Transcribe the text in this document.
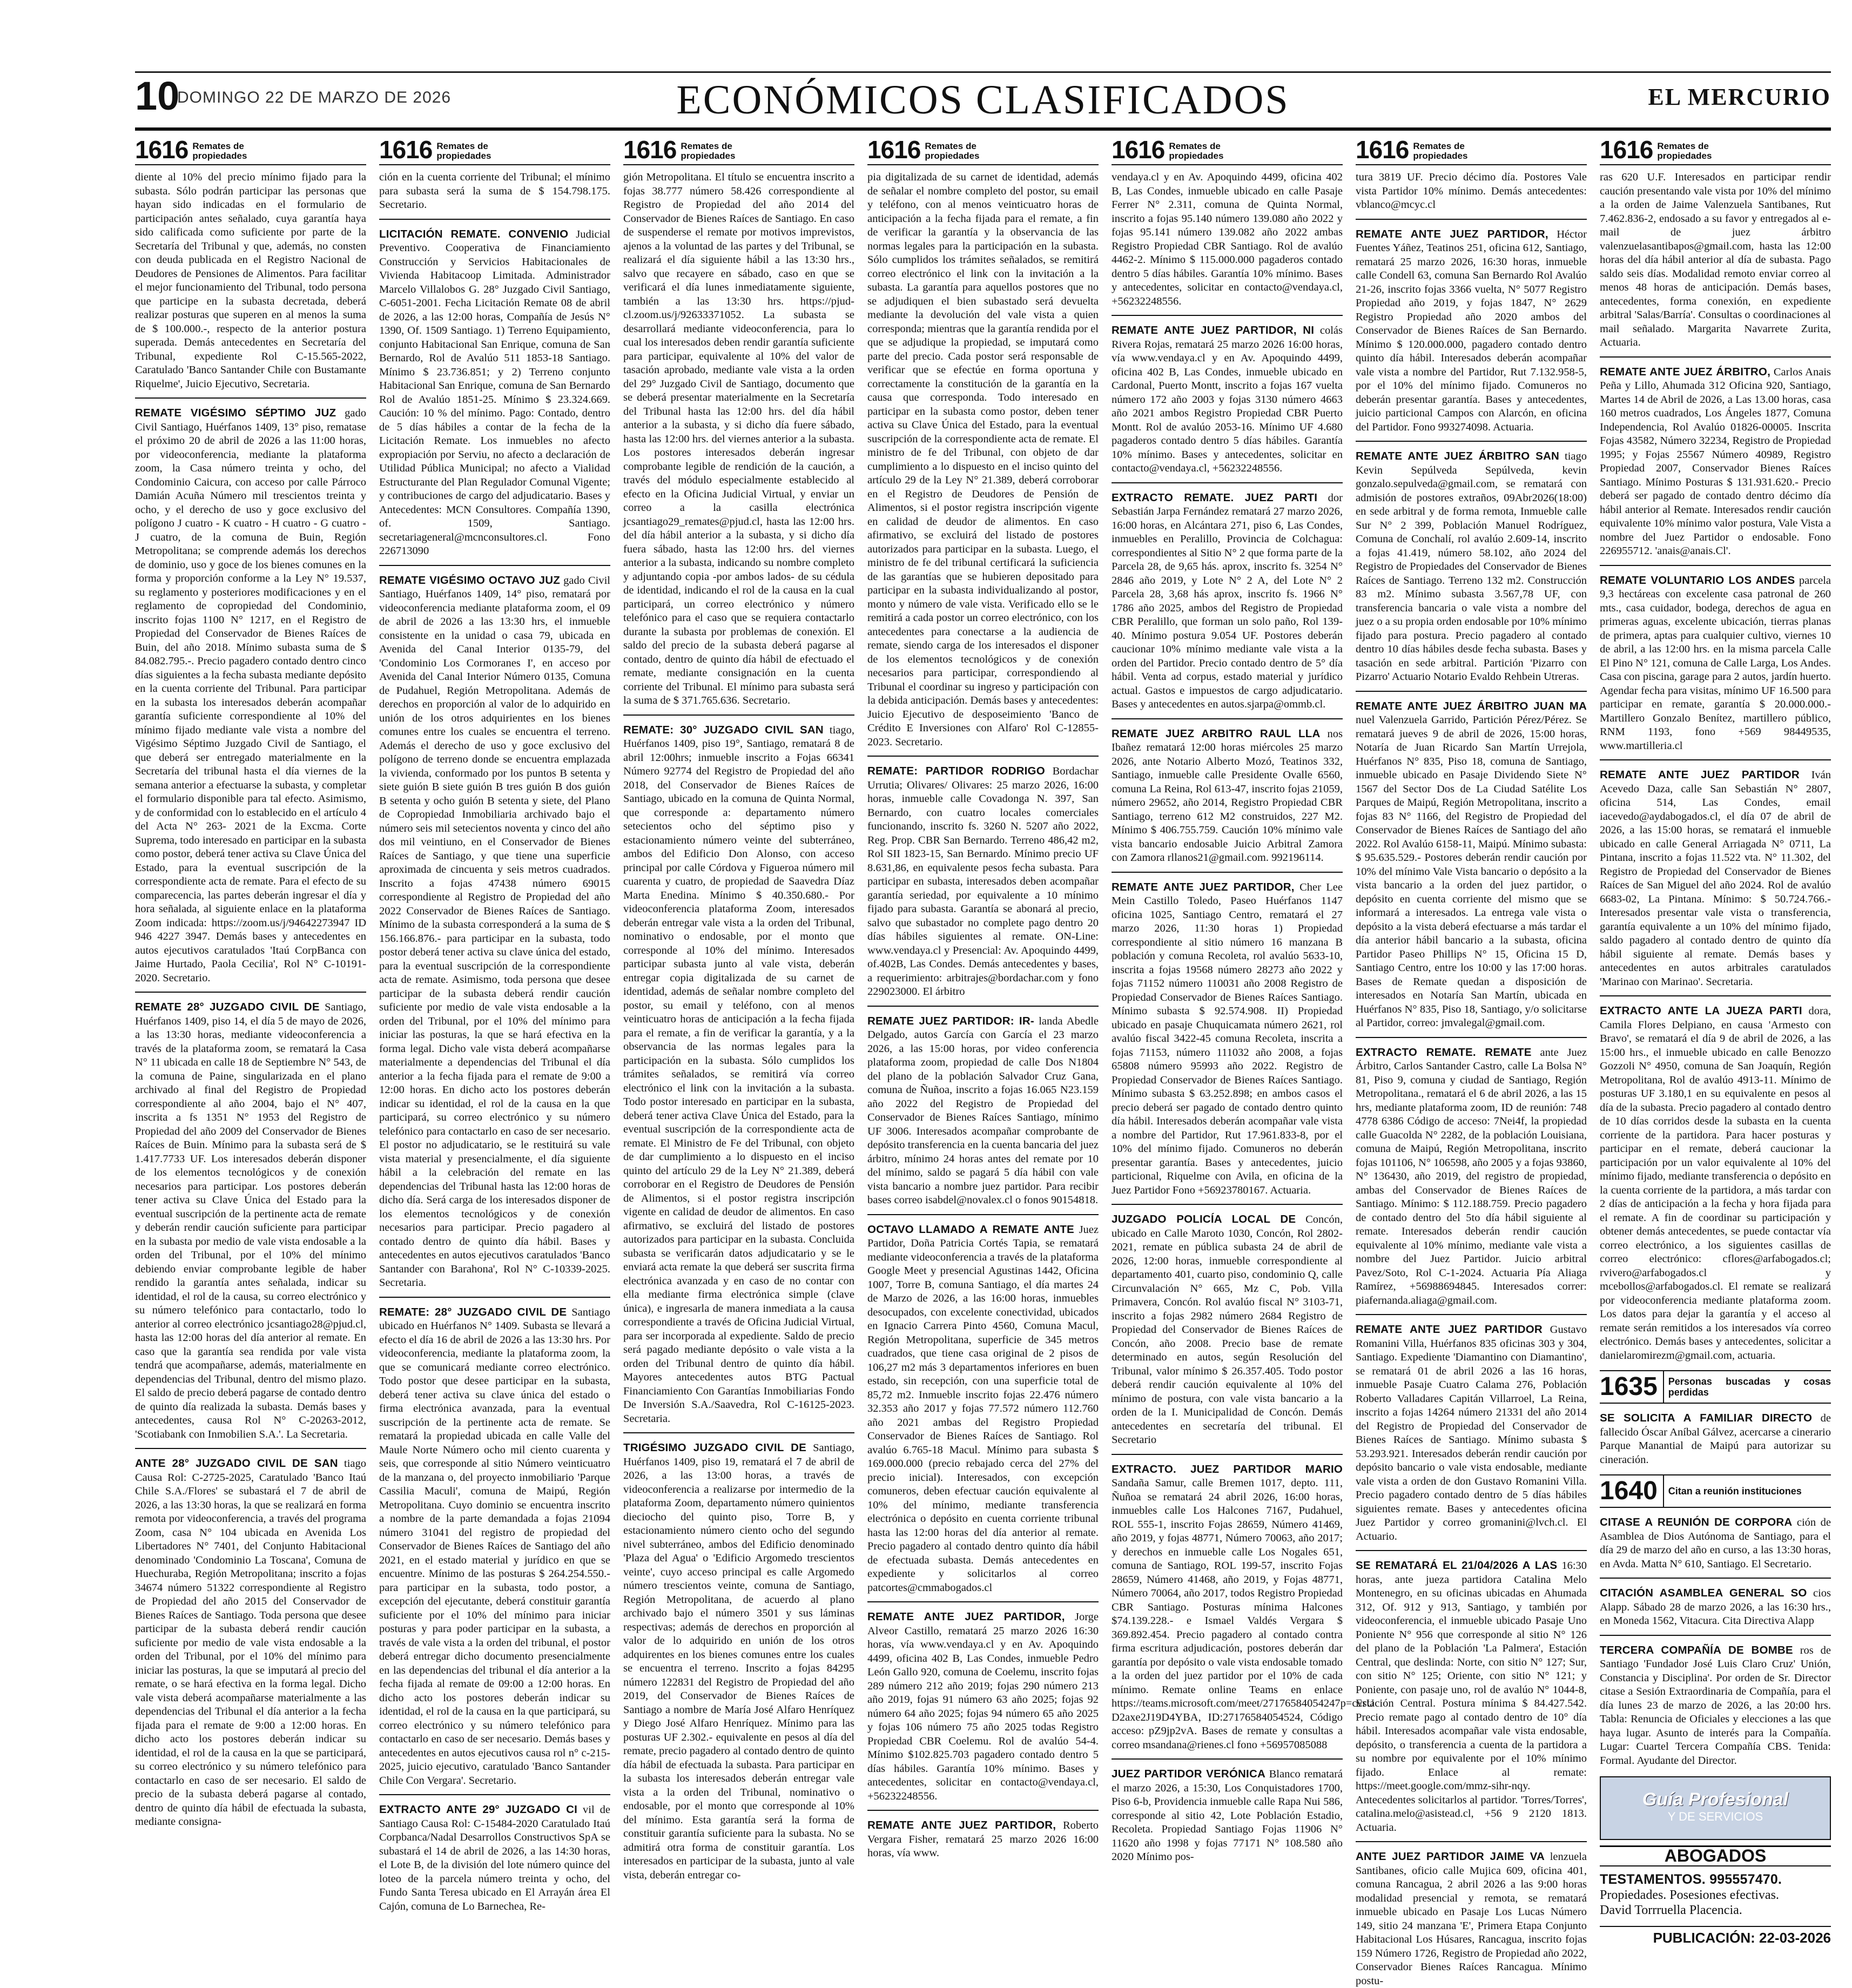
10
DOMINGO 22 DE MARZO DE 2026	ECONÓMICOS CLASIFICADOS	EL MERCURIO
1616 Remates de propiedades

diente al 10% del precio mínimo fijado para la subasta. Sólo podrán participar las personas que hayan sido indicadas en el formulario de participación antes señalado, cuya garantía haya sido calificada como suficiente por parte de la Secretaría del Tribunal y que, además, no consten con deuda publicada en el Registro Nacional de Deudores de Pensiones de Alimentos. Para facilitar el mejor funcionamiento del Tribunal, todo persona que participe en la subasta decretada, deberá realizar posturas que superen en al menos la suma de $ 100.000.-, respecto de la anterior postura superada. Demás antecedentes en Secretaría del Tribunal, expediente Rol C-15.565-2022, Caratulado 'Banco Santander Chile con Bustamante Riquelme', Juicio Ejecutivo, Secretaria.

REMATE VIGÉSIMO SÉPTIMO JUZ gado Civil Santiago, Huérfanos 1409, 13° piso, rematase el próximo 20 de abril de 2026 a las 11:00 horas, por videoconferencia, mediante la plataforma zoom, la Casa número treinta y ocho, del Condominio Caicura, con acceso por calle Párroco Damián Acuña Número mil trescientos treinta y ocho, y el derecho de uso y goce exclusivo del polígono J cuatro - K cuatro - H cuatro - G cuatro - J cuatro, de la comuna de Buin, Región Metropolitana; se comprende además los derechos de dominio, uso y goce de los bienes comunes en la forma y proporción conforme a la Ley N° 19.537, su reglamento y posteriores modificaciones y en el reglamento de copropiedad del Condominio, inscrito fojas 1100 N° 1217, en el Registro de Propiedad del Conservador de Bienes Raíces de Buin, del año 2018. Mínimo subasta suma de $ 84.082.795.-. Precio pagadero contado dentro cinco días siguientes a la fecha subasta mediante depósito en la cuenta corriente del Tribunal. Para participar en la subasta los interesados deberán acompañar garantía suficiente correspondiente al 10% del mínimo fijado mediante vale vista a nombre del Vigésimo Séptimo Juzgado Civil de Santiago, el que deberá ser entregado materialmente en la Secretaría del tribunal hasta el día viernes de la semana anterior a efectuarse la subasta, y completar el formulario disponible para tal efecto. Asimismo, y de conformidad con lo establecido en el artículo 4 del Acta N° 263- 2021 de la Excma. Corte Suprema, todo interesado en participar en la subasta como postor, deberá tener activa su Clave Única del Estado, para la eventual suscripción de la correspondiente acta de remate. Para el efecto de su comparecencia, las partes deberán ingresar el día y hora señalada, al siguiente enlace en la plataforma Zoom indicada: https://zoom.us/j/94642273947 ID 946 4227 3947. Demás bases y antecedentes en autos ejecutivos caratulados 'Itaú CorpBanca con Jaime Hurtado, Paola Cecilia', Rol N° C-10191-2020. Secretario.

REMATE 28° JUZGADO CIVIL DE Santiago, Huérfanos 1409, piso 14, el día 5 de mayo de 2026, a las 13:30 horas, mediante videoconferencia a través de la plataforma zoom, se rematará la Casa N° 11 ubicada en calle 18 de Septiembre N° 543, de la comuna de Paine, singularizada en el plano archivado al final del Registro de Propiedad correspondiente al año 2004, bajo el N° 407, inscrita a fs 1351 N° 1953 del Registro de Propiedad del año 2009 del Conservador de Bienes Raíces de Buin. Mínimo para la subasta será de $ 1.417.7733 UF. Los interesados deberán disponer de los elementos tecnológicos y de conexión necesarios para participar. Los postores deberán tener activa su Clave Única del Estado para la eventual suscripción de la pertinente acta de remate y deberán rendir caución suficiente para participar en la subasta por medio de vale vista endosable a la orden del Tribunal, por el 10% del mínimo debiendo enviar comprobante legible de haber rendido la garantía antes señalada, indicar su identidad, el rol de la causa, su correo electrónico y su número telefónico para contactarlo, todo lo anterior al correo electrónico jcsantiago28@pjud.cl, hasta las 12:00 horas del día anterior al remate. En caso que la garantía sea rendida por vale vista tendrá que acompañarse, además, materialmente en dependencias del Tribunal, dentro del mismo plazo. El saldo de precio deberá pagarse de contado dentro de quinto día realizada la subasta. Demás bases y antecedentes, causa Rol N° C-20263-2012, 'Scotiabank con Inmobilien S.A.'. La Secretaria.

ANTE 28° JUZGADO CIVIL DE SAN tiago Causa Rol: C-2725-2025, Caratulado 'Banco Itaú Chile S.A./Flores' se subastará el 7 de abril de 2026, a las 13:30 horas, la que se realizará en forma remota por videoconferencia, a través del programa Zoom, casa N° 104 ubicada en Avenida Los Libertadores N° 7401, del Conjunto Habitacional denominado 'Condominio La Toscana', Comuna de Huechuraba, Región Metropolitana; inscrito a fojas 34674 número 51322 correspondiente al Registro de Propiedad del año 2015 del Conservador de Bienes Raíces de Santiago. Toda persona que desee participar de la subasta deberá rendir caución suficiente por medio de vale vista endosable a la orden del Tribunal, por el 10% del mínimo para iniciar las posturas, la que se imputará al precio del remate, o se hará efectiva en la forma legal. Dicho vale vista deberá acompañarse materialmente a las dependencias del Tribunal el día anterior a la fecha fijada para el remate de 9:00 a 12:00 horas. En dicho acto los postores deberán indicar su identidad, el rol de la causa en la que se participará, su correo electrónico y su número telefónico para contactarlo en caso de ser necesario. El saldo de precio de la subasta deberá pagarse al contado, dentro de quinto día hábil de efectuada la subasta, mediante consigna-

1616 Remates de propiedades

ción en la cuenta corriente del Tribunal; el mínimo para subasta será la suma de $ 154.798.175. Secretario.

LICITACIÓN REMATE. CONVENIO Judicial Preventivo. Cooperativa de Financiamiento Construcción y Servicios Habitacionales de Vivienda Habitacoop Limitada. Administrador Marcelo Villalobos G. 28° Juzgado Civil Santiago, C-6051-2001. Fecha Licitación Remate 08 de abril de 2026, a las 12:00 horas, Compañía de Jesús N° 1390, Of. 1509 Santiago. 1) Terreno Equipamiento, conjunto Habitacional San Enrique, comuna de San Bernardo, Rol de Avalúo 511 1853-18 Santiago. Mínimo $ 23.736.851; y 2) Terreno conjunto Habitacional San Enrique, comuna de San Bernardo Rol de Avalúo 1851-25. Mínimo $ 23.324.669. Caución: 10 % del mínimo. Pago: Contado, dentro de 5 días hábiles a contar de la fecha de la Licitación Remate. Los inmuebles no afecto expropiación por Serviu, no afecto a declaración de Utilidad Pública Municipal; no afecto a Vialidad Estructurante del Plan Regulador Comunal Vigente; y contribuciones de cargo del adjudicatario. Bases y Antecedentes: MCN Consultores. Compañía 1390, of. 1509, Santiago. secretariageneral@mcnconsultores.cl. Fono 226713090

REMATE VIGÉSIMO OCTAVO JUZ gado Civil Santiago, Huérfanos 1409, 14° piso, rematará por videoconferencia mediante plataforma zoom, el 09 de abril de 2026 a las 13:30 hrs, el inmueble consistente en la unidad o casa 79, ubicada en Avenida del Canal Interior 0135-79, del 'Condominio Los Cormoranes I', en acceso por Avenida del Canal Interior Número 0135, Comuna de Pudahuel, Región Metropolitana. Además de derechos en proporción al valor de lo adquirido en unión de los otros adquirientes en los bienes comunes entre los cuales se encuentra el terreno. Además el derecho de uso y goce exclusivo del polígono de terreno donde se encuentra emplazada la vivienda, conformado por los puntos B setenta y siete guión B siete guión B tres guión B dos guión B setenta y ocho guión B setenta y siete, del Plano de Copropiedad Inmobiliaria archivado bajo el número seis mil setecientos noventa y cinco del año dos mil veintiuno, en el Conservador de Bienes Raíces de Santiago, y que tiene una superficie aproximada de cincuenta y seis metros cuadrados. Inscrito a fojas 47438 número 69015 correspondiente al Registro de Propiedad del año 2022 Conservador de Bienes Raíces de Santiago. Mínimo de la subasta corresponderá a la suma de $ 156.166.876.- para participar en la subasta, todo postor deberá tener activa su clave única del estado, para la eventual suscripción de la correspondiente acta de remate. Asimismo, toda persona que desee participar de la subasta deberá rendir caución suficiente por medio de vale vista endosable a la orden del Tribunal, por el 10% del mínimo para iniciar las posturas, la que se hará efectiva en la forma legal. Dicho vale vista deberá acompañarse materialmente a dependencias del Tribunal el día anterior a la fecha fijada para el remate de 9:00 a 12:00 horas. En dicho acto los postores deberán indicar su identidad, el rol de la causa en la que participará, su correo electrónico y su número telefónico para contactarlo en caso de ser necesario. El postor no adjudicatario, se le restituirá su vale vista material y presencialmente, el día siguiente hábil a la celebración del remate en las dependencias del Tribunal hasta las 12:00 horas de dicho día. Será carga de los interesados disponer de los elementos tecnológicos y de conexión necesarios para participar. Precio pagadero al contado dentro de quinto día hábil. Bases y antecedentes en autos ejecutivos caratulados 'Banco Santander con Barahona', Rol N° C-10339-2025. Secretaria.

REMATE: 28° JUZGADO CIVIL DE Santiago ubicado en Huérfanos N° 1409. Subasta se llevará a efecto el día 16 de abril de 2026 a las 13:30 hrs. Por videoconferencia, mediante la plataforma zoom, la que se comunicará mediante correo electrónico. Todo postor que desee participar en la subasta, deberá tener activa su clave única del estado o firma electrónica avanzada, para la eventual suscripción de la pertinente acta de remate. Se rematará la propiedad ubicada en calle Valle del Maule Norte Número ocho mil ciento cuarenta y seis, que corresponde al sitio Número veinticuatro de la manzana o, del proyecto inmobiliario 'Parque Cassilia Maculi', comuna de Maipú, Región Metropolitana. Cuyo dominio se encuentra inscrito a nombre de la parte demandada a fojas 21094 número 31041 del registro de propiedad del Conservador de Bienes Raíces de Santiago del año 2021, en el estado material y jurídico en que se encuentre. Mínimo de las posturas $ 264.254.550.- para participar en la subasta, todo postor, a excepción del ejecutante, deberá constituir garantía suficiente por el 10% del mínimo para iniciar posturas y para poder participar en la subasta, a través de vale vista a la orden del tribunal, el postor deberá entregar dicho documento presencialmente en las dependencias del tribunal el día anterior a la fecha fijada al remate de 09:00 a 12:00 horas. En dicho acto los postores deberán indicar su identidad, el rol de la causa en la que participará, su correo electrónico y su número telefónico para contactarlo en caso de ser necesario. Demás bases y antecedentes en autos ejecutivos causa rol n° c-215-2025, juicio ejecutivo, caratulado 'Banco Santander Chile Con Vergara'. Secretario.

EXTRACTO ANTE 29° JUZGADO CI vil de Santiago Causa Rol: C-15484-2020 Caratulado Itaú Corpbanca/Nadal Desarrollos Constructivos SpA se subastará el 14 de abril de 2026, a las 14:30 horas, el Lote B, de la división del lote número quince del loteo de la parcela número treinta y ocho, del Fundo Santa Teresa ubicado en El Arrayán área El Cajón, comuna de Lo Barnechea, Re-

1616 Remates de propiedades

gión Metropolitana. El título se encuentra inscrito a fojas 38.777 número 58.426 correspondiente al Registro de Propiedad del año 2014 del Conservador de Bienes Raíces de Santiago. En caso de suspenderse el remate por motivos imprevistos, ajenos a la voluntad de las partes y del Tribunal, se realizará el día siguiente hábil a las 13:30 hrs., salvo que recayere en sábado, caso en que se verificará el día lunes inmediatamente siguiente, también a las 13:30 hrs. https://pjud-cl.zoom.us/j/92633371052. La subasta se desarrollará mediante videoconferencia, para lo cual los interesados deben rendir garantía suficiente para participar, equivalente al 10% del valor de tasación aprobado, mediante vale vista a la orden del 29° Juzgado Civil de Santiago, documento que se deberá presentar materialmente en la Secretaría del Tribunal hasta las 12:00 hrs. del día hábil anterior a la subasta, y si dicho día fuere sábado, hasta las 12:00 hrs. del viernes anterior a la subasta. Los postores interesados deberán ingresar comprobante legible de rendición de la caución, a través del módulo especialmente establecido al efecto en la Oficina Judicial Virtual, y enviar un correo a la casilla electrónica jcsantiago29_remates@pjud.cl, hasta las 12:00 hrs. del día hábil anterior a la subasta, y si dicho día fuera sábado, hasta las 12:00 hrs. del viernes anterior a la subasta, indicando su nombre completo y adjuntando copia -por ambos lados- de su cédula de identidad, indicando el rol de la causa en la cual participará, un correo electrónico y número telefónico para el caso que se requiera contactarlo durante la subasta por problemas de conexión. El saldo del precio de la subasta deberá pagarse al contado, dentro de quinto día hábil de efectuado el remate, mediante consignación en la cuenta corriente del Tribunal. El mínimo para subasta será la suma de $ 371.765.636. Secretario.

REMATE: 30° JUZGADO CIVIL SAN tiago, Huérfanos 1409, piso 19°, Santiago, rematará 8 de abril 12:00hrs; inmueble inscrito a Fojas 66341 Número 92774 del Registro de Propiedad del año 2018, del Conservador de Bienes Raíces de Santiago, ubicado en la comuna de Quinta Normal, que corresponde a: departamento número setecientos ocho del séptimo piso y estacionamiento número veinte del subterráneo, ambos del Edificio Don Alonso, con acceso principal por calle Córdova y Figueroa número mil cuarenta y cuatro, de propiedad de Saavedra Díaz Marta Enedina. Mínimo $ 40.350.680.- Por videoconferencia plataforma Zoom, interesados deberán entregar vale vista a la orden del Tribunal, nominativo o endosable, por el monto que corresponde al 10% del mínimo. Interesados participar subasta junto al vale vista, deberán entregar copia digitalizada de su carnet de identidad, además de señalar nombre completo del postor, su email y teléfono, con al menos veinticuatro horas de anticipación a la fecha fijada para el remate, a fin de verificar la garantía, y a la observancia de las normas legales para la participación en la subasta. Sólo cumplidos los trámites señalados, se remitirá vía correo electrónico el link con la invitación a la subasta. Todo postor interesado en participar en la subasta, deberá tener activa Clave Única del Estado, para la eventual suscripción de la correspondiente acta de remate. El Ministro de Fe del Tribunal, con objeto de dar cumplimiento a lo dispuesto en el inciso quinto del artículo 29 de la Ley N° 21.389, deberá corroborar en el Registro de Deudores de Pensión de Alimentos, si el postor registra inscripción vigente en calidad de deudor de alimentos. En caso afirmativo, se excluirá del listado de postores autorizados para participar en la subasta. Concluida subasta se verificarán datos adjudicatario y se le enviará acta remate la que deberá ser suscrita firma electrónica avanzada y en caso de no contar con ella mediante firma electrónica simple (clave única), e ingresarla de manera inmediata a la causa correspondiente a través de Oficina Judicial Virtual, para ser incorporada al expediente. Saldo de precio será pagado mediante depósito o vale vista a la orden del Tribunal dentro de quinto día hábil. Mayores antecedentes autos BTG Pactual Financiamiento Con Garantías Inmobiliarias Fondo De Inversión S.A./Saavedra, Rol C-16125-2023. Secretaria.

TRIGÉSIMO JUZGADO CIVIL DE Santiago, Huérfanos 1409, piso 19, rematará el 7 de abril de 2026, a las 13:00 horas, a través de videoconferencia a realizarse por intermedio de la plataforma Zoom, departamento número quinientos dieciocho del quinto piso, Torre B, y estacionamiento número ciento ocho del segundo nivel subterráneo, ambos del Edificio denominado 'Plaza del Agua' o 'Edificio Argomedo trescientos veinte', cuyo acceso principal es calle Argomedo número trescientos veinte, comuna de Santiago, Región Metropolitana, de acuerdo al plano archivado bajo el número 3501 y sus láminas respectivas; además de derechos en proporción al valor de lo adquirido en unión de los otros adquirentes en los bienes comunes entre los cuales se encuentra el terreno. Inscrito a fojas 84295 número 122831 del Registro de Propiedad del año 2019, del Conservador de Bienes Raíces de Santiago a nombre de María José Alfaro Henríquez y Diego José Alfaro Henríquez. Mínimo para las posturas UF 2.302.- equivalente en pesos al día del remate, precio pagadero al contado dentro de quinto día hábil de efectuada la subasta. Para participar en la subasta los interesados deberán entregar vale vista a la orden del Tribunal, nominativo o endosable, por el monto que corresponde al 10% del mínimo. Esta garantía será la forma de constituir garantía suficiente para la subasta. No se admitirá otra forma de constituir garantía. Los interesados en participar de la subasta, junto al vale vista, deberán entregar co-

1616 Remates de propiedades

pia digitalizada de su carnet de identidad, además de señalar el nombre completo del postor, su email y teléfono, con al menos veinticuatro horas de anticipación a la fecha fijada para el remate, a fin de verificar la garantía y la observancia de las normas legales para la participación en la subasta. Sólo cumplidos los trámites señalados, se remitirá correo electrónico el link con la invitación a la subasta. La garantía para aquellos postores que no se adjudiquen el bien subastado será devuelta mediante la devolución del vale vista a quien corresponda; mientras que la garantía rendida por el que se adjudique la propiedad, se imputará como parte del precio. Cada postor será responsable de verificar que se efectúe en forma oportuna y correctamente la constitución de la garantía en la causa que corresponda. Todo interesado en participar en la subasta como postor, deben tener activa su Clave Única del Estado, para la eventual suscripción de la correspondiente acta de remate. El ministro de fe del Tribunal, con objeto de dar cumplimiento a lo dispuesto en el inciso quinto del artículo 29 de la Ley N° 21.389, deberá corroborar en el Registro de Deudores de Pensión de Alimentos, si el postor registra inscripción vigente en calidad de deudor de alimentos. En caso afirmativo, se excluirá del listado de postores autorizados para participar en la subasta. Luego, el ministro de fe del tribunal certificará la suficiencia de las garantías que se hubieren depositado para participar en la subasta individualizando al postor, monto y número de vale vista. Verificado ello se le remitirá a cada postor un correo electrónico, con los antecedentes para conectarse a la audiencia de remate, siendo carga de los interesados el disponer de los elementos tecnológicos y de conexión necesarios para participar, correspondiendo al Tribunal el coordinar su ingreso y participación con la debida anticipación. Demás bases y antecedentes: Juicio Ejecutivo de desposeimiento 'Banco de Crédito E Inversiones con Alfaro' Rol C-12855-2023. Secretario.

REMATE: PARTIDOR RODRIGO Bordachar Urrutia; Olivares/ Olivares: 25 marzo 2026, 16:00 horas, inmueble calle Covadonga N. 397, San Bernardo, con cuatro locales comerciales funcionando, inscrito fs. 3260 N. 5207 año 2022, Reg. Prop. CBR San Bernardo. Terreno 486,42 m2, Rol SII 1823-15, San Bernardo. Mínimo precio UF 8.631,86, en equivalente pesos fecha subasta. Para participar en subasta, interesados deben acompañar garantía seriedad, por equivalente a 10 mínimo fijado para subasta. Garantía se abonará al precio, salvo que subastador no complete pago dentro 20 días hábiles siguientes al remate. ON-Line: www.vendaya.cl y Presencial: Av. Apoquindo 4499, of.402B, Las Condes. Demás antecedentes y bases, a requerimiento: arbitrajes@bordachar.com y fono 229023000. El árbitro

REMATE JUEZ PARTIDOR: IR- landa Abedle Delgado, autos García con García el 23 marzo 2026, a las 15:00 horas, por video conferencia plataforma zoom, propiedad de calle Dos N1804 del plano de la población Salvador Cruz Gana, comuna de Ñuñoa, inscrito a fojas 16.065 N23.159 año 2022 del Registro de Propiedad del Conservador de Bienes Raíces Santiago, mínimo UF 3006. Interesados acompañar comprobante de depósito transferencia en la cuenta bancaria del juez árbitro, mínimo 24 horas antes del remate por 10 del mínimo, saldo se pagará 5 día hábil con vale vista bancario a nombre juez partidor. Para recibir bases correo isabdel@novalex.cl o fonos 90154818.

OCTAVO LLAMADO A REMATE ANTE Juez Partidor, Doña Patricia Cortés Tapia, se rematará mediante videoconferencia a través de la plataforma Google Meet y presencial Agustinas 1442, Oficina 1007, Torre B, comuna Santiago, el día martes 24 de Marzo de 2026, a las 16:00 horas, inmuebles desocupados, con excelente conectividad, ubicados en Ignacio Carrera Pinto 4560, Comuna Macul, Región Metropolitana, superficie de 345 metros cuadrados, que tiene casa original de 2 pisos de 106,27 m2 más 3 departamentos inferiores en buen estado, sin recepción, con una superficie total de 85,72 m2. Inmueble inscrito fojas 22.476 número 32.353 año 2017 y fojas 77.572 número 112.760 año 2021 ambas del Registro Propiedad Conservador de Bienes Raíces de Santiago. Rol avalúo 6.765-18 Macul. Mínimo para subasta $ 169.000.000 (precio rebajado cerca del 27% del precio inicial). Interesados, con excepción comuneros, deben efectuar caución equivalente al 10% del mínimo, mediante transferencia electrónica o depósito en cuenta corriente tribunal hasta las 12:00 horas del día anterior al remate. Precio pagadero al contado dentro quinto día hábil de efectuada subasta. Demás antecedentes en expediente y solicitarlos al correo patcortes@cmmabogados.cl

REMATE ANTE JUEZ PARTIDOR, Jorge Alveor Castillo, rematará 25 marzo 2026 16:30 horas, vía www.vendaya.cl y en Av. Apoquindo 4499, oficina 402 B, Las Condes, inmueble Pedro León Gallo 920, comuna de Coelemu, inscrito fojas 289 número 212 año 2019; fojas 290 número 213 año 2019, fojas 91 número 63 año 2025; fojas 92 número 64 año 2025; fojas 94 número 65 año 2025 y fojas 106 número 75 año 2025 todas Registro Propiedad CBR Coelemu. Rol de avalúo 54-4. Mínimo $102.825.703 pagadero contado dentro 5 días hábiles. Garantía 10% mínimo. Bases y antecedentes, solicitar en contacto@vendaya.cl, +56232248556.

REMATE ANTE JUEZ PARTIDOR, Roberto Vergara Fisher, rematará 25 marzo 2026 16:00 horas, vía www.

1616 Remates de propiedades

vendaya.cl y en Av. Apoquindo 4499, oficina 402 B, Las Condes, inmueble ubicado en calle Pasaje Ferrer N° 2.311, comuna de Quinta Normal, inscrito a fojas 95.140 número 139.080 año 2022 y fojas 95.141 número 139.082 año 2022 ambas Registro Propiedad CBR Santiago. Rol de avalúo 4462-2. Mínimo $ 115.000.000 pagaderos contado dentro 5 días hábiles. Garantía 10% mínimo. Bases y antecedentes, solicitar en contacto@vendaya.cl, +56232248556.

REMATE ANTE JUEZ PARTIDOR, NI colás Rivera Rojas, rematará 25 marzo 2026 16:00 horas, vía www.vendaya.cl y en Av. Apoquindo 4499, oficina 402 B, Las Condes, inmueble ubicado en Cardonal, Puerto Montt, inscrito a fojas 167 vuelta número 172 año 2003 y fojas 3130 número 4663 año 2021 ambos Registro Propiedad CBR Puerto Montt. Rol de avalúo 2053-16. Mínimo UF 4.680 pagaderos contado dentro 5 días hábiles. Garantía 10% mínimo. Bases y antecedentes, solicitar en contacto@vendaya.cl, +56232248556.

EXTRACTO REMATE. JUEZ PARTI dor Sebastián Jarpa Fernández rematará 27 marzo 2026, 16:00 horas, en Alcántara 271, piso 6, Las Condes, inmuebles en Peralillo, Provincia de Colchagua: correspondientes al Sitio N° 2 que forma parte de la Parcela 28, de 9,65 hás. aprox, inscrito fs. 3254 N° 2846 año 2019, y Lote N° 2 A, del Lote N° 2 Parcela 28, 3,68 hás aprox, inscrito fs. 1966 N° 1786 año 2025, ambos del Registro de Propiedad CBR Peralillo, que forman un solo paño, Rol 139-40. Mínimo postura 9.054 UF. Postores deberán caucionar 10% mínimo mediante vale vista a la orden del Partidor. Precio contado dentro de 5° día hábil. Venta ad corpus, estado material y jurídico actual. Gastos e impuestos de cargo adjudicatario. Bases y antecedentes en autos.sjarpa@ommb.cl.

REMATE JUEZ ARBITRO RAUL LLA nos Ibañez rematará 12:00 horas miércoles 25 marzo 2026, ante Notario Alberto Mozó, Teatinos 332, Santiago, inmueble calle Presidente Ovalle 6560, comuna La Reina, Rol 613-47, inscrito fojas 21059, número 29652, año 2014, Registro Propiedad CBR Santiago, terreno 612 M2 construidos, 227 M2. Mínimo $ 406.755.759. Caución 10% mínimo vale vista bancario endosable Juicio Arbitral Zamora con Zamora rllanos21@gmail.com. 992196114.

REMATE ANTE JUEZ PARTIDOR, Cher Lee Mein Castillo Toledo, Paseo Huérfanos 1147 oficina 1025, Santiago Centro, rematará el 27 marzo 2026, 11:30 horas 1) Propiedad correspondiente al sitio número 16 manzana B población y comuna Recoleta, rol avalúo 5633-10, inscrita a fojas 19568 número 28273 año 2022 y fojas 71152 número 110031 año 2008 Registro de Propiedad Conservador de Bienes Raíces Santiago. Mínimo subasta $ 92.574.908. II) Propiedad ubicado en pasaje Chuquicamata número 2621, rol avalúo fiscal 3422-45 comuna Recoleta, inscrita a fojas 71153, número 111032 año 2008, a fojas 65808 número 95993 año 2022. Registro de Propiedad Conservador de Bienes Raíces Santiago. Mínimo subasta $ 63.252.898; en ambos casos el precio deberá ser pagado de contado dentro quinto día hábil. Interesados deberán acompañar vale vista a nombre del Partidor, Rut 17.961.833-8, por el 10% del mínimo fijado. Comuneros no deberán presentar garantía. Bases y antecedentes, juicio particional, Riquelme con Avila, en oficina de la Juez Partidor Fono +56923780167. Actuaria.

JUZGADO POLICÍA LOCAL DE Concón, ubicado en Calle Maroto 1030, Concón, Rol 2802-2021, remate en pública subasta 24 de abril de 2026, 12:00 horas, inmueble correspondiente al departamento 401, cuarto piso, condominio Q, calle Circunvalación N° 665, Mz C, Pob. Villa Primavera, Concón. Rol avalúo fiscal N° 3103-71, inscrito a fojas 2982 número 2684 Registro de Propiedad del Conservador de Bienes Raíces de Concón, año 2008. Precio base de remate determinado en autos, según Resolución del Tribunal, valor mínimo $ 26.357.405. Todo postor deberá rendir caución equivalente al 10% del mínimo de postura, con vale vista bancario a la orden de la I. Municipalidad de Concón. Demás antecedentes en secretaría del tribunal. El Secretario

EXTRACTO. JUEZ PARTIDOR MARIO Sandaña Samur, calle Bremen 1017, depto. 111, Ñuñoa se rematará 24 abril 2026, 16:00 horas, inmuebles calle Los Halcones 7167, Pudahuel, ROL 555-1, inscrito Fojas 28659, Número 41469, año 2019, y fojas 48771, Número 70063, año 2017; y derechos en inmueble calle Los Nogales 651, comuna de Santiago, ROL 199-57, inscrito Fojas 28659, Número 41468, año 2019, y Fojas 48771, Número 70064, año 2017, todos Registro Propiedad CBR Santiago. Posturas mínima Halcones $74.139.228.- e Ismael Valdés Vergara $ 369.892.454. Precio pagadero al contado contra firma escritura adjudicación, postores deberán dar garantía por depósito o vale vista endosable tomado a la orden del juez partidor por el 10% de cada mínimo. Remate online Teams en enlace https://teams.microsoft.com/meet/27176584054247p=cvrU D2axe2J19D4YBA, ID:27176584054524, Código acceso: pZ9jp2vA. Bases de remate y consultas a correo msandana@rienes.cl fono +56957085088

JUEZ PARTIDOR VERÓNICA Blanco rematará el marzo 2026, a 15:30, Los Conquistadores 1700, Piso 6-b, Providencia inmueble calle Rapa Nui 586, corresponde al sitio 42, Lote Población Estadio, Recoleta. Propiedad Santiago Fojas 11906 N° 11620 año 1998 y fojas 77171 N° 108.580 año 2020 Mínimo pos-

1616 Remates de propiedades

tura 3819 UF. Precio décimo día. Postores Vale vista Partidor 10% mínimo. Demás antecedentes: vblanco@mcyc.cl

REMATE ANTE JUEZ PARTIDOR, Héctor Fuentes Yáñez, Teatinos 251, oficina 612, Santiago, rematará 25 marzo 2026, 16:30 horas, inmueble calle Condell 63, comuna San Bernardo Rol Avalúo 21-26, inscrito fojas 3366 vuelta, N° 5077 Registro Propiedad año 2019, y fojas 1847, N° 2629 Registro Propiedad año 2020 ambos del Conservador de Bienes Raíces de San Bernardo. Mínimo $ 120.000.000, pagadero contado dentro quinto día hábil. Interesados deberán acompañar vale vista a nombre del Partidor, Rut 7.132.958-5, por el 10% del mínimo fijado. Comuneros no deberán presentar garantía. Bases y antecedentes, juicio particional Campos con Alarcón, en oficina del Partidor. Fono 993274098. Actuaria.

REMATE ANTE JUEZ ÁRBITRO SAN tiago Kevin Sepúlveda Sepúlveda, kevin gonzalo.sepulveda@gmail.com, se rematará con admisión de postores extraños, 09Abr2026(18:00) en sede arbitral y de forma remota, Inmueble calle Sur N° 2 399, Población Manuel Rodríguez, Comuna de Conchalí, rol avalúo 2.609-14, inscrito a fojas 41.419, número 58.102, año 2024 del Registro de Propiedades del Conservador de Bienes Raíces de Santiago. Terreno 132 m2. Construcción 83 m2. Mínimo subasta 3.567,78 UF, con transferencia bancaria o vale vista a nombre del juez o a su propia orden endosable por 10% mínimo fijado para postura. Precio pagadero al contado dentro 10 días hábiles desde fecha subasta. Bases y tasación en sede arbitral. Partición 'Pizarro con Pizarro' Actuario Notario Evaldo Rehbein Utreras.

REMATE ANTE JUEZ ÁRBITRO JUAN MA nuel Valenzuela Garrido, Partición Pérez/Pérez. Se rematará jueves 9 de abril de 2026, 15:00 horas, Notaría de Juan Ricardo San Martín Urrejola, Huérfanos N° 835, Piso 18, comuna de Santiago, inmueble ubicado en Pasaje Dividendo Siete N° 1567 del Sector Dos de La Ciudad Satélite Los Parques de Maipú, Región Metropolitana, inscrito a fojas 83 N° 1166, del Registro de Propiedad del Conservador de Bienes Raíces de Santiago del año 2022. Rol Avalúo 6158-11, Maipú. Mínimo subasta: $ 95.635.529.- Postores deberán rendir caución por 10% del mínimo Vale Vista bancario o depósito a la vista bancario a la orden del juez partidor, o depósito en cuenta corriente del mismo que se informará a interesados. La entrega vale vista o depósito a la vista deberá efectuarse a más tardar el día anterior hábil bancario a la subasta, oficina Partidor Paseo Phillips N° 15, Oficina 15 D, Santiago Centro, entre los 10:00 y las 17:00 horas. Bases de Remate quedan a disposición de interesados en Notaría San Martín, ubicada en Huérfanos N° 835, Piso 18, Santiago, y/o solicitarse al Partidor, correo: jmvalegal@gmail.com.

EXTRACTO REMATE. REMATE ante Juez Árbitro, Carlos Santander Castro, calle La Bolsa N° 81, Piso 9, comuna y ciudad de Santiago, Región Metropolitana., rematará el 6 de abril 2026, a las 15 hrs, mediante plataforma zoom, ID de reunión: 748 4778 6386 Código de acceso: 7Nei4f, la propiedad calle Guacolda N° 2282, de la población Louisiana, comuna de Maipú, Región Metropolitana, inscrito fojas 101106, N° 106598, año 2005 y a fojas 93860, N° 136430, año 2019, del registro de propiedad, ambas del Conservador de Bienes Raíces de Santiago. Mínimo: $ 112.188.759. Precio pagadero de contado dentro del 5to día hábil siguiente al remate. Interesados deberán rendir caución equivalente al 10% mínimo, mediante vale vista a nombre del Juez Partidor. Juicio arbitral Pavez/Soto, Rol C-1-2024. Actuaria Pía Aliaga Ramírez, +56988694845. Interesados correr: piafernanda.aliaga@gmail.com.

REMATE ANTE JUEZ PARTIDOR Gustavo Romanini Villa, Huérfanos 835 oficinas 303 y 304, Santiago. Expediente 'Diamantino con Diamantino', se rematará 01 de abril 2026 a las 16 horas, inmueble Pasaje Cuatro Calama 276, Población Roberto Valladares Capitán Villarroel, La Reina, inscrito a fojas 14264 número 21331 del año 2014 del Registro de Propiedad del Conservador de Bienes Raíces de Santiago. Mínimo subasta $ 53.293.921. Interesados deberán rendir caución por depósito bancario o vale vista endosable, mediante vale vista a orden de don Gustavo Romanini Villa. Precio pagadero contado dentro de 5 días hábiles siguientes remate. Bases y antecedentes oficina Juez Partidor y correo gromanini@lvch.cl. El Actuario.

SE REMATARÁ EL 21/04/2026 A LAS 16:30 horas, ante jueza partidora Catalina Melo Montenegro, en su oficinas ubicadas en Ahumada 312, Of. 912 y 913, Santiago, y también por videoconferencia, el inmueble ubicado Pasaje Uno Poniente N° 956 que corresponde al sitio N° 126 del plano de la Población 'La Palmera', Estación Central, que deslinda: Norte, con sitio N° 127; Sur, con sitio N° 125; Oriente, con sitio N° 121; y Poniente, con pasaje uno, rol de avalúo N° 1044-8, Estación Central. Postura mínima $ 84.427.542. Precio remate pago al contado dentro de 10° día hábil. Interesados acompañar vale vista endosable, depósito, o transferencia a cuenta de la partidora a su nombre por equivalente por el 10% mínimo fijado. Enlace al remate: https://meet.google.com/mmz-sihr-nqy. Antecedentes solicitarlos al partidor. 'Torres/Torres', catalina.melo@asistead.cl, +56 9 2120 1813. Actuaria.

ANTE JUEZ PARTIDOR JAIME VA lenzuela Santibanes, oficio calle Mujica 609, oficina 401, comuna Rancagua, 2 abril 2026 a las 9:00 horas modalidad presencial y remota, se rematará inmueble ubicado en Pasaje Los Lucas Número 149, sitio 24 manzana 'E', Primera Etapa Conjunto Habitacional Los Húsares, Rancagua, inscrito fojas 159 Número 1726, Registro de Propiedad año 2022, Conservador Bienes Raíces Rancagua. Mínimo postu-

1616 Remates de propiedades

ras 620 U.F. Interesados en participar rendir caución presentando vale vista por 10% del mínimo a la orden de Jaime Valenzuela Santibanes, Rut 7.462.836-2, endosado a su favor y entregados al e-mail de juez árbitro valenzuelasantibapos@gmail.com, hasta las 12:00 horas del día hábil anterior al día de subasta. Pago saldo seis días. Modalidad remoto enviar correo al menos 48 horas de anticipación. Demás bases, antecedentes, forma conexión, en expediente arbitral 'Salas/Barría'. Consultas o coordinaciones al mail señalado. Margarita Navarrete Zurita, Actuaria.

REMATE ANTE JUEZ ÁRBITRO, Carlos Anais Peña y Lillo, Ahumada 312 Oficina 920, Santiago, Martes 14 de Abril de 2026, a Las 13.00 horas, casa 160 metros cuadrados, Los Ángeles 1877, Comuna Independencia, Rol Avalúo 01826-00005. Inscrita Fojas 43582, Número 32234, Registro de Propiedad 1995; y Fojas 25567 Número 40989, Registro Propiedad 2007, Conservador Bienes Raíces Santiago. Mínimo Posturas $ 131.931.620.- Precio deberá ser pagado de contado dentro décimo día hábil anterior al Remate. Interesados rendir caución equivalente 10% mínimo valor postura, Vale Vista a nombre del Juez Partidor o endosable. Fono 226955712. 'anais@anais.Cl'.

REMATE VOLUNTARIO LOS ANDES parcela 9,3 hectáreas con excelente casa patronal de 260 mts., casa cuidador, bodega, derechos de agua en primeras aguas, excelente ubicación, tierras planas de primera, aptas para cualquier cultivo, viernes 10 de abril, a las 12:00 hrs. en la misma parcela Calle El Pino N° 121, comuna de Calle Larga, Los Andes. Casa con piscina, garage para 2 autos, jardín huerto. Agendar fecha para visitas, mínimo UF 16.500 para participar en remate, garantía $ 20.000.000.- Martillero Gonzalo Benítez, martillero público, RNM 1193, fono +569 98449535, www.martilleria.cl

REMATE ANTE JUEZ PARTIDOR Iván Acevedo Daza, calle San Sebastián N° 2807, oficina 514, Las Condes, email iacevedo@aydabogados.cl, el día 07 de abril de 2026, a las 15:00 horas, se rematará el inmueble ubicado en calle General Arriagada N° 0711, La Pintana, inscrito a fojas 11.522 vta. N° 11.302, del Registro de Propiedad del Conservador de Bienes Raíces de San Miguel del año 2024. Rol de avalúo 6683-02, La Pintana. Mínimo: $ 50.724.766.- Interesados presentar vale vista o transferencia, garantía equivalente a un 10% del mínimo fijado, saldo pagadero al contado dentro de quinto día hábil siguiente al remate. Demás bases y antecedentes en autos arbitrales caratulados 'Marinao con Marinao'. Secretaria.

EXTRACTO ANTE LA JUEZA PARTI dora, Camila Flores Delpiano, en causa 'Armesto con Bravo', se rematará el día 9 de abril de 2026, a las 15:00 hrs., el inmueble ubicado en calle Benozzo Gozzoli N° 4950, comuna de San Joaquín, Región Metropolitana, Rol de avalúo 4913-11. Mínimo de posturas UF 3.180,1 en su equivalente en pesos al día de la subasta. Precio pagadero al contado dentro de 10 días corridos desde la subasta en la cuenta corriente de la partidora. Para hacer posturas y participar en el remate, deberá caucionar la participación por un valor equivalente al 10% del mínimo fijado, mediante transferencia o depósito en la cuenta corriente de la partidora, a más tardar con 2 días de anticipación a la fecha y hora fijada para el remate. A fin de coordinar su participación y obtener demás antecedentes, se puede contactar vía correo electrónico, a los siguientes casillas de correo electrónico: cflores@arfabogados.cl; rvivero@arfabogados.cl y mcebollos@arfabogados.cl. El remate se realizará por videoconferencia mediante plataforma zoom. Los datos para dejar la garantía y el acceso al remate serán remitidos a los interesados vía correo electrónico. Demás bases y antecedentes, solicitar a danielaromirezm@gmail.com, actuaria.

1635	Personas buscadas y cosas perdidas

SE SOLICITA A FAMILIAR DIRECTO de fallecido Óscar Aníbal Gálvez, acercarse a cinerario Parque Manantial de Maipú para autorizar su cineración.

1640	Citan a reunión instituciones

CITASE A REUNIÓN DE CORPORA ción de Asamblea de Dios Autónoma de Santiago, para el día 29 de marzo del año en curso, a las 13:30 horas, en Avda. Matta N° 610, Santiago. El Secretario.

CITACIÓN ASAMBLEA GENERAL SO cios Alapp. Sábado 28 de marzo 2026, a las 16:30 hrs., en Moneda 1562, Vitacura. Cita Directiva Alapp

TERCERA COMPAÑÍA DE BOMBE ros de Santiago 'Fundador José Luis Claro Cruz' Unión, Constancia y Disciplina'. Por orden de Sr. Director citase a Sesión Extraordinaria de Compañía, para el día lunes 23 de marzo de 2026, a las 20:00 hrs. Tabla: Renuncia de Oficiales y elecciones a las que haya lugar. Asunto de interés para la Compañía. Lugar: Cuartel Tercera Compañía CBS. Tenida: Formal. Ayudante del Director.

Guía Profesional
Y DE SERVICIOS
ABOGADOS
TESTAMENTOS. 995557470.
Propiedades. Posesiones efectivas.
David Torrruella Placencia.
PUBLICACIÓN: 22-03-2026
